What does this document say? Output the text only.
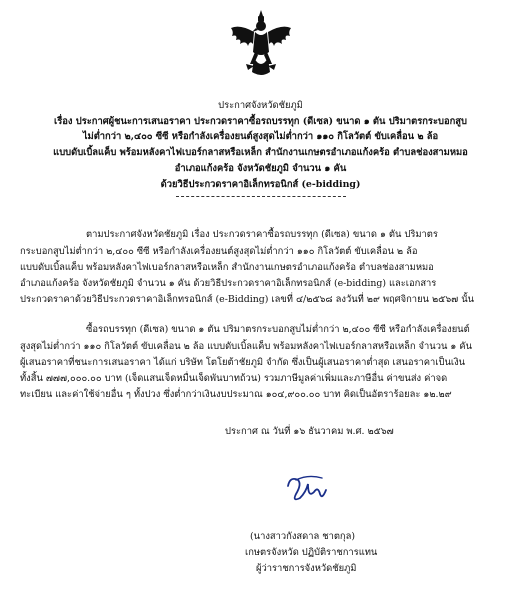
ประกาศจังหวัดชัยภูมิ
เรื่อง ประกาศผู้ชนะการเสนอราคา ประกวดราคาซื้อรถบรรทุก (ดีเซล) ขนาด ๑ ตัน ปริมาตรกระบอกสูบ
ไม่ต่ำกว่า ๒,๔๐๐ ซีซี หรือกำลังเครื่องยนต์สูงสุดไม่ต่ำกว่า ๑๑๐ กิโลวัตต์ ขับเคลื่อน ๒ ล้อ
แบบดับเบิ้ลแค็บ พร้อมหลังคาไฟเบอร์กลาสหรือเหล็ก สำนักงานเกษตรอำเภอแก้งคร้อ ตำบลช่องสามหมอ
อำเภอแก้งคร้อ จังหวัดชัยภูมิ จำนวน ๑ คัน
ด้วยวิธีประกวดราคาอิเล็กทรอนิกส์ (e-bidding)
ตามประกาศจังหวัดชัยภูมิ เรื่อง ประกวดราคาซื้อรถบรรทุก (ดีเซล) ขนาด ๑ ตัน ปริมาตร
กระบอกสูบไม่ต่ำกว่า ๒,๔๐๐ ซีซี หรือกำลังเครื่องยนต์สูงสุดไม่ต่ำกว่า ๑๑๐ กิโลวัตต์ ขับเคลื่อน ๒ ล้อ
แบบดับเบิ้ลแค็บ พร้อมหลังคาไฟเบอร์กลาสหรือเหล็ก สำนักงานเกษตรอำเภอแก้งคร้อ ตำบลช่องสามหมอ
อำเภอแก้งคร้อ จังหวัดชัยภูมิ จำนวน ๑ คัน ด้วยวิธีประกวดราคาอิเล็กทรอนิกส์ (e-bidding) และเอกสาร
ประกวดราคาด้วยวิธีประกวดราคาอิเล็กทรอนิกส์ (e-Bidding) เลขที่ ๔/๒๕๖๘ ลงวันที่ ๒๙ พฤศจิกายน ๒๕๖๗ นั้น
ซื้อรถบรรทุก (ดีเซล) ขนาด ๑ ตัน ปริมาตรกระบอกสูบไม่ต่ำกว่า ๒,๔๐๐ ซีซี หรือกำลังเครื่องยนต์
สูงสุดไม่ต่ำกว่า ๑๑๐ กิโลวัตต์ ขับเคลื่อน ๒ ล้อ แบบดับเบิ้ลแค็บ พร้อมหลังคาไฟเบอร์กลาสหรือเหล็ก จำนวน ๑ คัน
ผู้เสนอราคาที่ชนะการเสนอราคา ได้แก่ บริษัท โตโยต้าชัยภูมิ จำกัด ซึ่งเป็นผู้เสนอราคาต่ำสุด เสนอราคาเป็นเงิน
ทั้งสิ้น ๗๗๗,๐๐๐.๐๐ บาท (เจ็ดแสนเจ็ดหมื่นเจ็ดพันบาทถ้วน) รวมภาษีมูลค่าเพิ่มและภาษีอื่น ค่าขนส่ง ค่าจด
ทะเบียน และค่าใช้จ่ายอื่น ๆ ทั้งปวง ซึ่งต่ำกว่าเงินงบประมาณ ๑๐๔,๙๐๐.๐๐ บาท คิดเป็นอัตราร้อยละ ๑๒.๒๙
ประกาศ ณ วันที่ ๑๖ ธันวาคม พ.ศ. ๒๕๖๗
(นางสาวกังสดาล ชาตกุล)
เกษตรจังหวัด ปฏิบัติราชการแทน
ผู้ว่าราชการจังหวัดชัยภูมิ
